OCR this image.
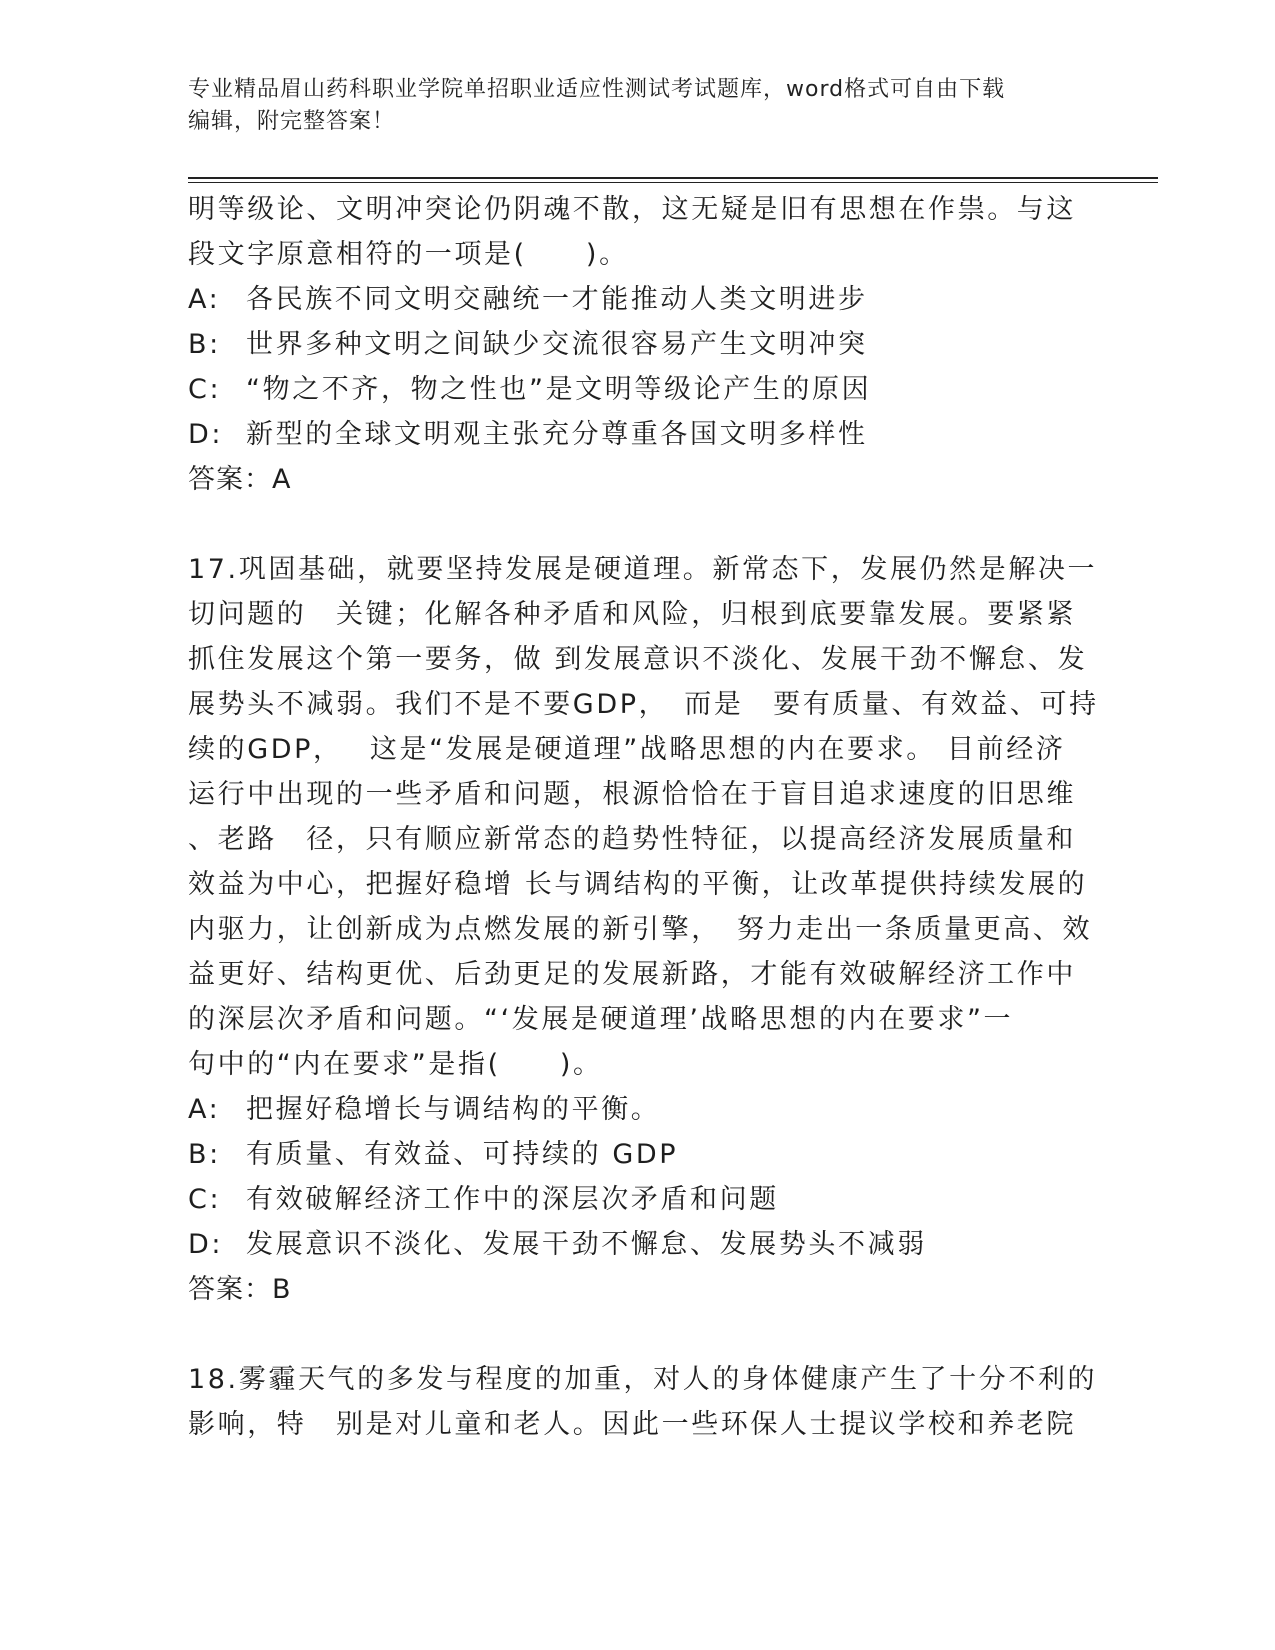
专业精品眉山药科职业学院单招职业适应性测试考试题库，word格式可自由下载
编辑，附完整答案！
明等级论、文明冲突论仍阴魂不散，这无疑是旧有思想在作祟。与这
段文字原意相符的一项是(　　)。
A: 各民族不同文明交融统一才能推动人类文明进步
B: 世界多种文明之间缺少交流很容易产生文明冲突
C: “物之不齐，物之性也”是文明等级论产生的原因
D: 新型的全球文明观主张充分尊重各国文明多样性
答案：A
17.巩固基础，就要坚持发展是硬道理。新常态下，发展仍然是解决一
切问题的　关键；化解各种矛盾和风险，归根到底要靠发展。要紧紧
抓住发展这个第一要务，做 到发展意识不淡化、发展干劲不懈怠、发
展势头不减弱。我们不是不要GDP，　而是　要有质量、有效益、可持
续的GDP，　 这是“发展是硬道理”战略思想的内在要求。 目前经济
运行中出现的一些矛盾和问题，根源恰恰在于盲目追求速度的旧思维
、老路　径，只有顺应新常态的趋势性特征，以提高经济发展质量和
效益为中心，把握好稳增 长与调结构的平衡，让改革提供持续发展的
内驱力，让创新成为点燃发展的新引擎，　努力走出一条质量更高、效
益更好、结构更优、后劲更足的发展新路，才能有效破解经济工作中
的深层次矛盾和问题。“‘发展是硬道理’战略思想的内在要求”一
句中的“内在要求”是指(　　)。
A: 把握好稳增长与调结构的平衡。
B: 有质量、有效益、可持续的 GDP
C: 有效破解经济工作中的深层次矛盾和问题
D: 发展意识不淡化、发展干劲不懈怠、发展势头不减弱
答案：B
18.雾霾天气的多发与程度的加重，对人的身体健康产生了十分不利的
影响，特　别是对儿童和老人。因此一些环保人士提议学校和养老院
